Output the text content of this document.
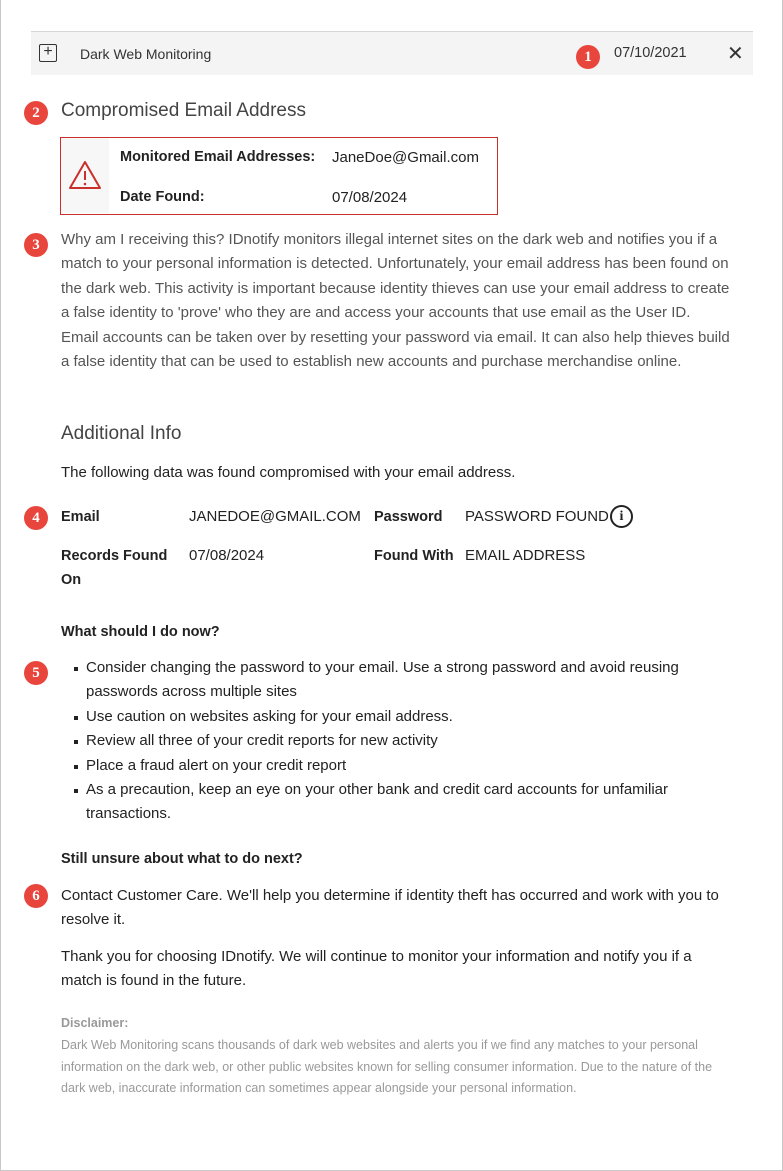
+	Dark Web Monitoring	07/10/2021 ✕
1
2
3
4
5
6
Compromised Email Address
Monitored Email Addresses: JaneDoe@Gmail.com
Date Found:	07/08/2024
Why am I receiving this? IDnotify monitors illegal internet sites on the dark web and notifies you if a match to your personal information is detected. Unfortunately, your email address has been found on the dark web. This activity is important because identity thieves can use your email address to create a false identity to 'prove' who they are and access your accounts that use email as the User ID. Email accounts can be taken over by resetting your password via email. It can also help thieves build a false identity that can be used to establish new accounts and purchase merchandise online.
Additional Info
The following data was found compromised with your email address.
Email	JANEDOE@GMAIL.COM Password PASSWORD FOUND i
Records Found On
07/08/2024	Found With EMAIL ADDRESS
What should I do now?
Consider changing the password to your email. Use a strong password and avoid reusing passwords across multiple sites
Use caution on websites asking for your email address.
Review all three of your credit reports for new activity
Place a fraud alert on your credit report
As a precaution, keep an eye on your other bank and credit card accounts for unfamiliar transactions.
Still unsure about what to do next?
Contact Customer Care. We'll help you determine if identity theft has occurred and work with you to resolve it.
Thank you for choosing IDnotify. We will continue to monitor your information and notify you if a match is found in the future.
Disclaimer:
Dark Web Monitoring scans thousands of dark web websites and alerts you if we find any matches to your personal information on the dark web, or other public websites known for selling consumer information. Due to the nature of the dark web, inaccurate information can sometimes appear alongside your personal information.
